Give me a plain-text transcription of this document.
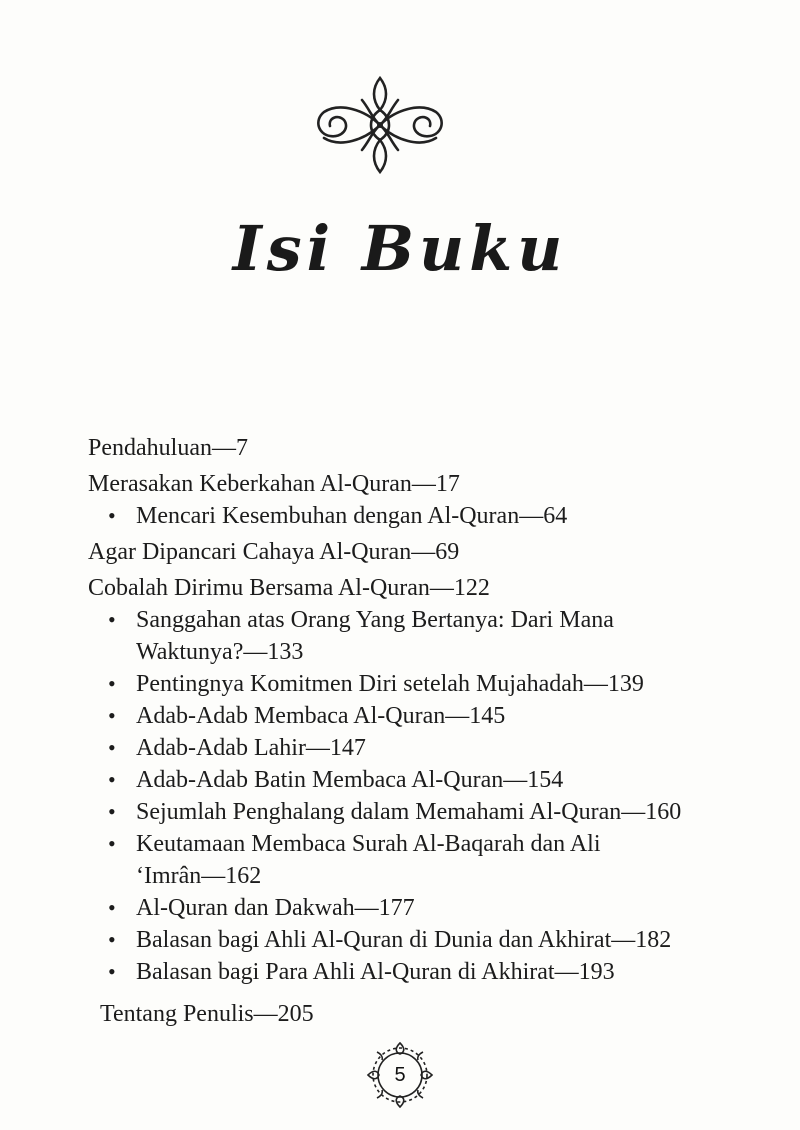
Isi Buku

Pendahuluan—7

Merasakan Keberkahan Al-Quran—17

• Mencari Kesembuhan dengan Al-Quran—64

Agar Dipancari Cahaya Al-Quran—69

Cobalah Dirimu Bersama Al-Quran—122

• Sanggahan atas Orang Yang Bertanya: Dari Mana
Waktunya?—133

• Pentingnya Komitmen Diri setelah Mujahadah—139

• Adab-Adab Membaca Al-Quran—145

• Adab-Adab Lahir—147

• Adab-Adab Batin Membaca Al-Quran—154

• Sejumlah Penghalang dalam Memahami Al-Quran—160

• Keutamaan Membaca Surah Al-Baqarah dan Ali
‘Imrân—162

• Al-Quran dan Dakwah—177

• Balasan bagi Ahli Al-Quran di Dunia dan Akhirat—182

• Balasan bagi Para Ahli Al-Quran di Akhirat—193

Tentang Penulis—205

5
